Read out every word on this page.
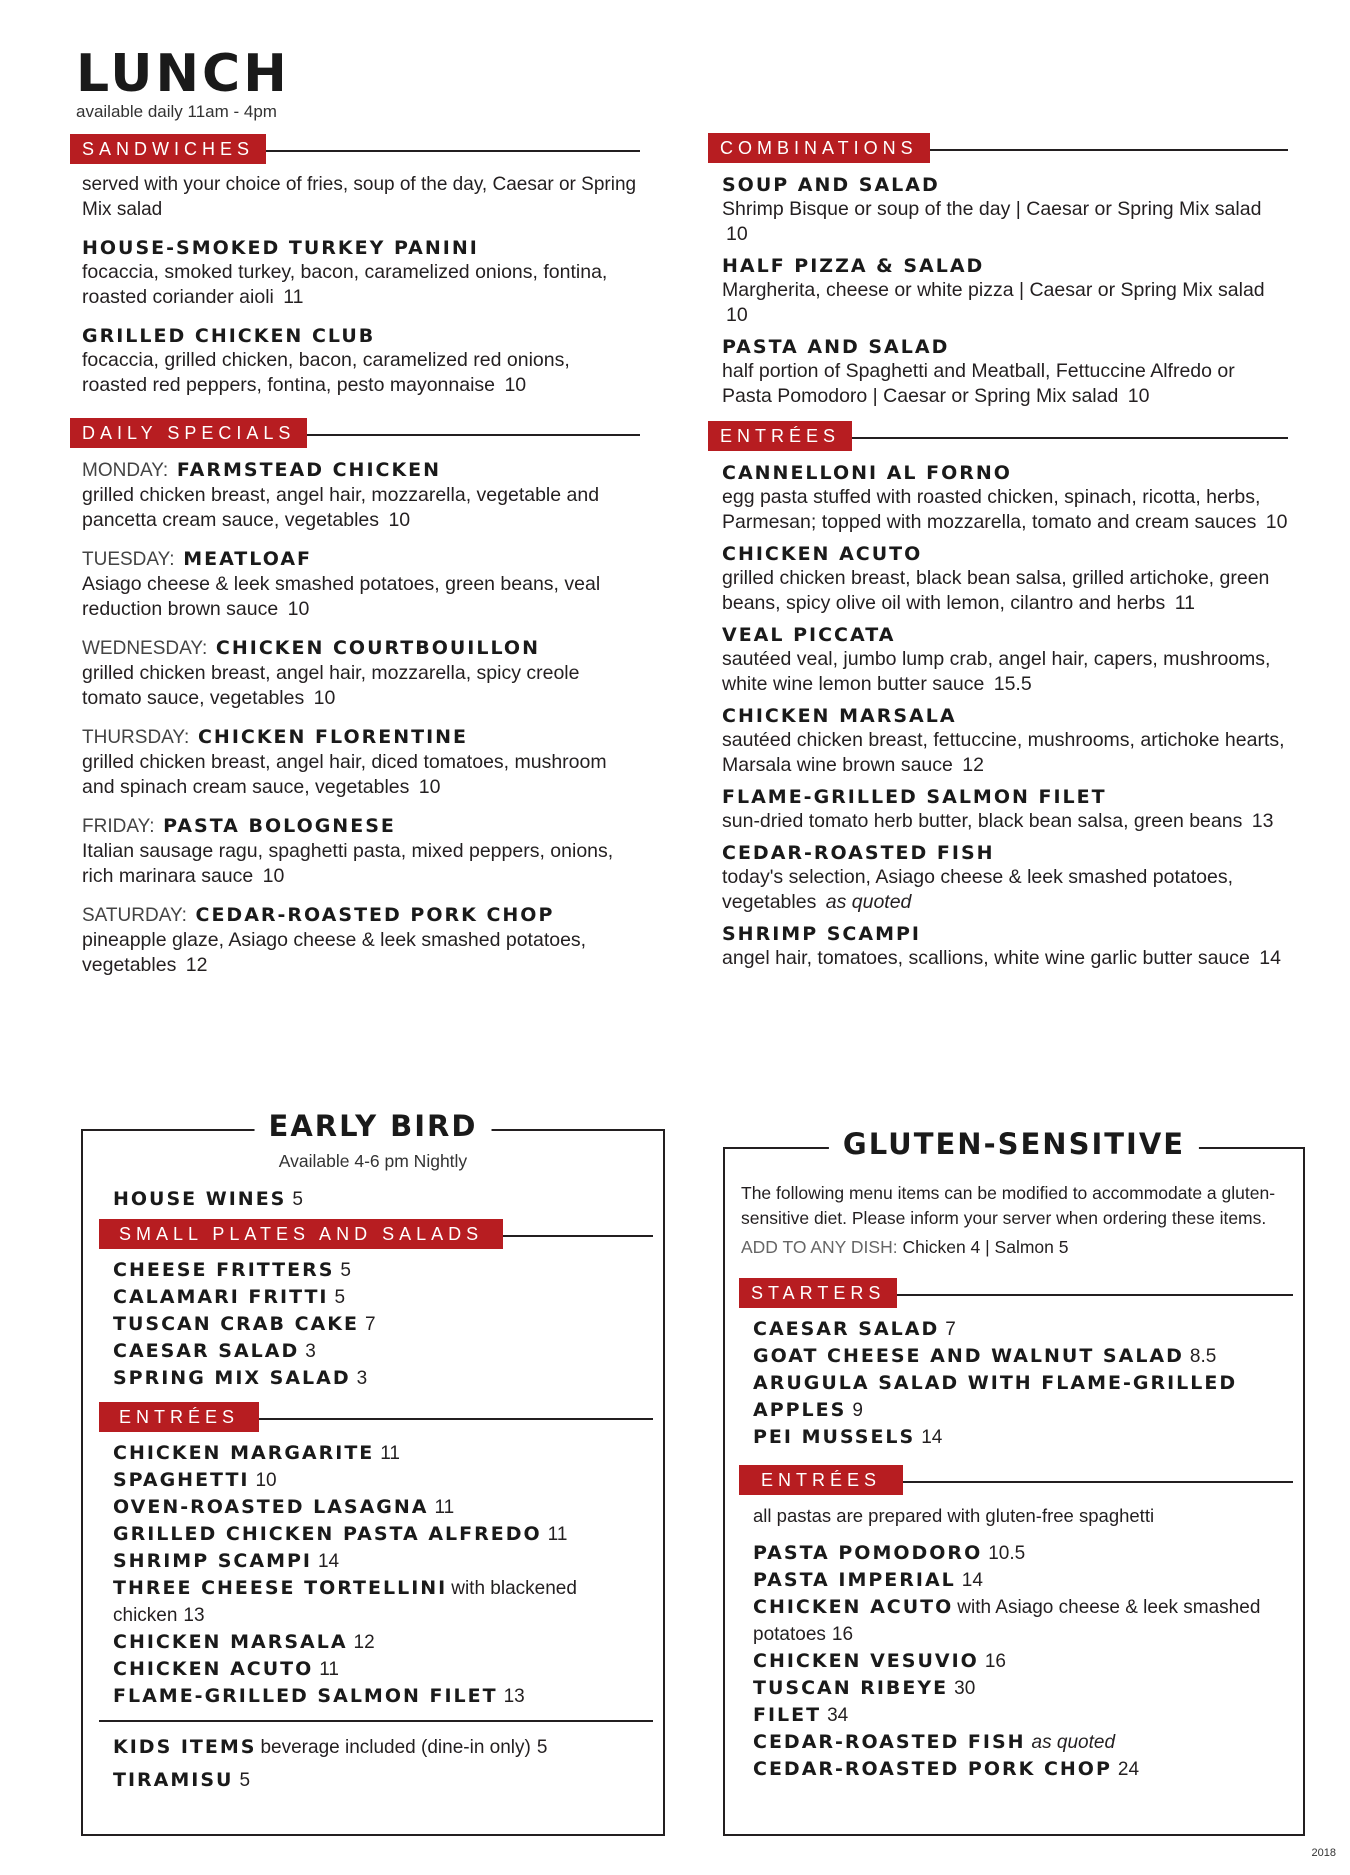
LUNCH
available daily 11am - 4pm
SANDWICHES
served with your choice of fries, soup of the day, Caesar or Spring Mix salad
HOUSE-SMOKED TURKEY PANINI
focaccia, smoked turkey, bacon, caramelized onions, fontina, roasted coriander aioli 11
GRILLED CHICKEN CLUB
focaccia, grilled chicken, bacon, caramelized red onions, roasted red peppers, fontina, pesto mayonnaise 10
DAILY SPECIALS
MONDAY: FARMSTEAD CHICKEN
grilled chicken breast, angel hair, mozzarella, vegetable and pancetta cream sauce, vegetables 10
TUESDAY: MEATLOAF
Asiago cheese & leek smashed potatoes, green beans, veal reduction brown sauce 10
WEDNESDAY: CHICKEN COURTBOUILLON
grilled chicken breast, angel hair, mozzarella, spicy creole tomato sauce, vegetables 10
THURSDAY: CHICKEN FLORENTINE
grilled chicken breast, angel hair, diced tomatoes, mushroom and spinach cream sauce, vegetables 10
FRIDAY: PASTA BOLOGNESE
Italian sausage ragu, spaghetti pasta, mixed peppers, onions, rich marinara sauce 10
SATURDAY: CEDAR-ROASTED PORK CHOP
pineapple glaze, Asiago cheese & leek smashed potatoes, vegetables 12
COMBINATIONS
SOUP AND SALAD
Shrimp Bisque or soup of the day | Caesar or Spring Mix salad 10
HALF PIZZA & SALAD
Margherita, cheese or white pizza | Caesar or Spring Mix salad 10
PASTA AND SALAD
half portion of Spaghetti and Meatball, Fettuccine Alfredo or Pasta Pomodoro | Caesar or Spring Mix salad 10
ENTRÉES
CANNELLONI AL FORNO
egg pasta stuffed with roasted chicken, spinach, ricotta, herbs, Parmesan; topped with mozzarella, tomato and cream sauces 10
CHICKEN ACUTO
grilled chicken breast, black bean salsa, grilled artichoke, green beans, spicy olive oil with lemon, cilantro and herbs 11
VEAL PICCATA
sautéed veal, jumbo lump crab, angel hair, capers, mushrooms, white wine lemon butter sauce 15.5
CHICKEN MARSALA
sautéed chicken breast, fettuccine, mushrooms, artichoke hearts, Marsala wine brown sauce 12
FLAME-GRILLED SALMON FILET
sun-dried tomato herb butter, black bean salsa, green beans 13
CEDAR-ROASTED FISH
today's selection, Asiago cheese & leek smashed potatoes, vegetables as quoted
SHRIMP SCAMPI
angel hair, tomatoes, scallions, white wine garlic butter sauce 14
EARLY BIRD
Available 4-6 pm Nightly
HOUSE WINES 5
SMALL PLATES AND SALADS
CHEESE FRITTERS 5
CALAMARI FRITTI 5
TUSCAN CRAB CAKE 7
CAESAR SALAD 3
SPRING MIX SALAD 3
ENTRÉES
CHICKEN MARGARITE 11
SPAGHETTI 10
OVEN-ROASTED LASAGNA 11
GRILLED CHICKEN PASTA ALFREDO 11
SHRIMP SCAMPI 14
THREE CHEESE TORTELLINI with blackened chicken 13
CHICKEN MARSALA 12
CHICKEN ACUTO 11
FLAME-GRILLED SALMON FILET 13
KIDS ITEMS beverage included (dine-in only) 5
TIRAMISU 5
GLUTEN-SENSITIVE
The following menu items can be modified to accommodate a gluten-sensitive diet. Please inform your server when ordering these items.
ADD TO ANY DISH: Chicken 4 | Salmon 5
STARTERS
CAESAR SALAD 7
GOAT CHEESE AND WALNUT SALAD 8.5
ARUGULA SALAD WITH FLAME-GRILLED APPLES 9
PEI MUSSELS 14
ENTRÉES
all pastas are prepared with gluten-free spaghetti
PASTA POMODORO 10.5
PASTA IMPERIAL 14
CHICKEN ACUTO with Asiago cheese & leek smashed potatoes 16
CHICKEN VESUVIO 16
TUSCAN RIBEYE 30
FILET 34
CEDAR-ROASTED FISH as quoted
CEDAR-ROASTED PORK CHOP 24
2018
